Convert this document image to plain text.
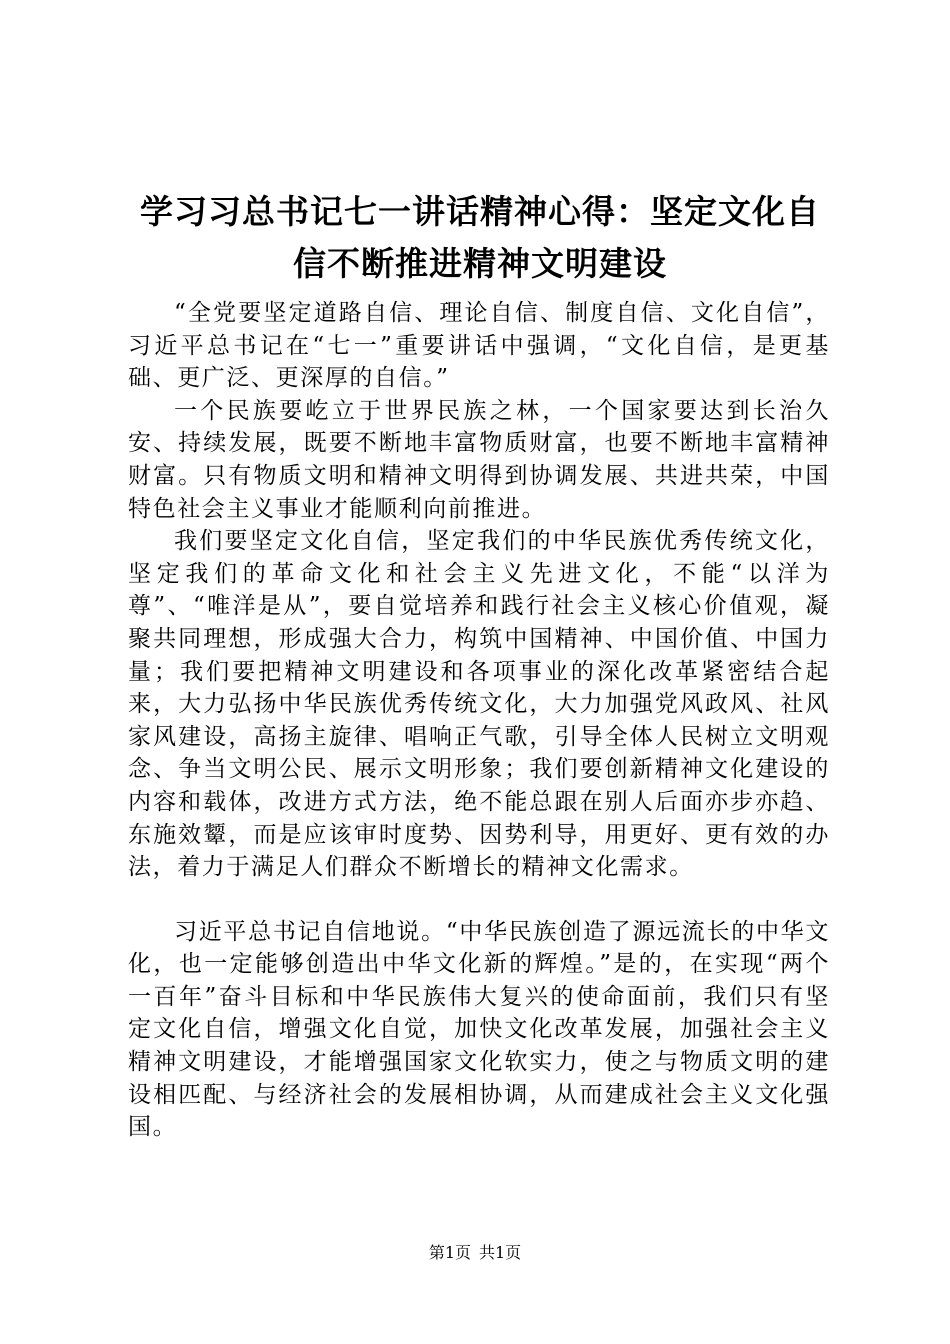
学习习总书记七一讲话精神心得：坚定文化自
信不断推进精神文明建设

“全党要坚定道路自信、理论自信、制度自信、文化自信”，习近平总书记在“七一”重要讲话中强调，“文化自信，是更基础、更广泛、更深厚的自信。”

一个民族要屹立于世界民族之林，一个国家要达到长治久安、持续发展，既要不断地丰富物质财富，也要不断地丰富精神财富。只有物质文明和精神文明得到协调发展、共进共荣，中国特色社会主义事业才能顺利向前推进。

我们要坚定文化自信，坚定我们的中华民族优秀传统文化，坚定我们的革命文化和社会主义先进文化，不能“以洋为尊”、“唯洋是从”，要自觉培养和践行社会主义核心价值观，凝聚共同理想，形成强大合力，构筑中国精神、中国价值、中国力量；我们要把精神文明建设和各项事业的深化改革紧密结合起来，大力弘扬中华民族优秀传统文化，大力加强党风政风、社风家风建设，高扬主旋律、唱响正气歌，引导全体人民树立文明观念、争当文明公民、展示文明形象；我们要创新精神文化建设的内容和载体，改进方式方法，绝不能总跟在别人后面亦步亦趋、东施效颦，而是应该审时度势、因势利导，用更好、更有效的办法，着力于满足人们群众不断增长的精神文化需求。

习近平总书记自信地说。“中华民族创造了源远流长的中华文化，也一定能够创造出中华文化新的辉煌。”是的，在实现“两个一百年”奋斗目标和中华民族伟大复兴的使命面前，我们只有坚定文化自信，增强文化自觉，加快文化改革发展，加强社会主义精神文明建设，才能增强国家文化软实力，使之与物质文明的建设相匹配、与经济社会的发展相协调，从而建成社会主义文化强国。

第1页 共1页
